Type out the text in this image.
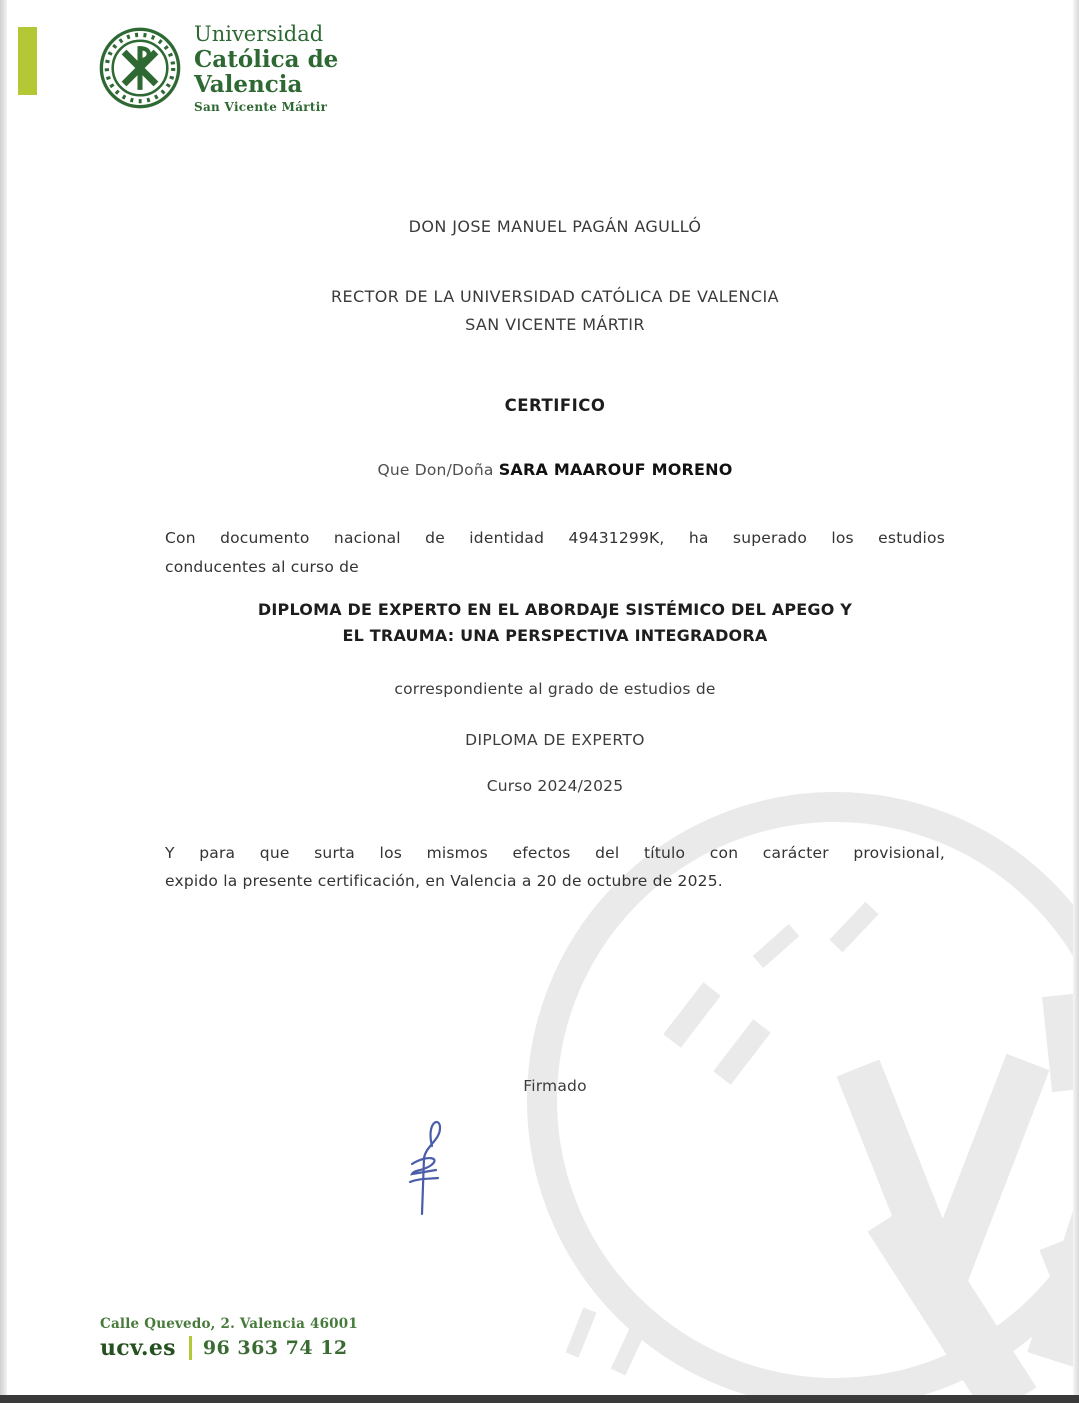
Universidad
Católica de
Valencia
San Vicente Mártir
DON JOSE MANUEL PAGÁN AGULLÓ
RECTOR DE LA UNIVERSIDAD CATÓLICA DE VALENCIA
SAN VICENTE MÁRTIR
CERTIFICO
Que Don/Doña SARA MAAROUF MORENO
Con documento nacional de identidad 49431299K, ha superado los estudios
conducentes al curso de
DIPLOMA DE EXPERTO EN EL ABORDAJE SISTÉMICO DEL APEGO Y
EL TRAUMA: UNA PERSPECTIVA INTEGRADORA
correspondiente al grado de estudios de
DIPLOMA DE EXPERTO
Curso 2024/2025
Y para que surta los mismos efectos del título con carácter provisional,
expido la presente certificación, en Valencia a 20 de octubre de 2025.
Firmado
Calle Quevedo, 2. Valencia 46001
ucv.es 96 363 74 12
